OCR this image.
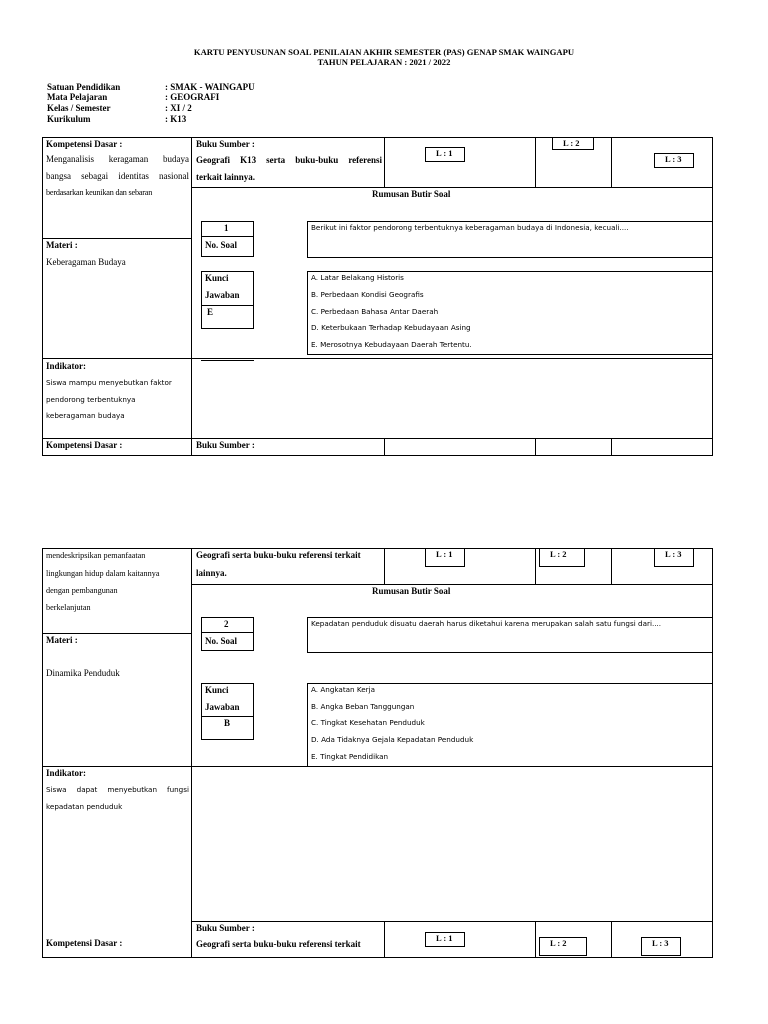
KARTU PENYUSUNAN SOAL PENILAIAN AKHIR SEMESTER (PAS) GENAP SMAK WAINGAPU
TAHUN PELAJARAN : 2021 / 2022
Satuan Pendidikan	: SMAK - WAINGAPU
Mata Pelajaran	: GEOGRAFI
Kelas / Semester	: XI / 2
Kurikulum	: K13
Kompetensi Dasar :
Menganalisis keragaman budaya
bangsa sebagai identitas nasional
berdasarkan keunikan dan sebaran
Buku Sumber :
Geografi K13 serta buku-buku referensi
terkait lainnya.
L : 1
L : 2
L : 3
Rumusan Butir Soal
1
No. Soal
Berikut ini faktor pendorong terbentuknya keberagaman budaya di Indonesia, kecuali....
Materi :
Keberagaman Budaya
Kunci
Jawaban
E
A. Latar Belakang Historis
B. Perbedaan Kondisi Geografis
C. Perbedaan Bahasa Antar Daerah
D. Keterbukaan Terhadap Kebudayaan Asing
E. Merosotnya Kebudayaan Daerah Tertentu.
Indikator:
Siswa mampu menyebutkan faktor
pendorong terbentuknya
keberagaman budaya
Kompetensi Dasar :	Buku Sumber :
mendeskripsikan pemanfaatan
lingkungan hidup dalam kaitannya
dengan pembangunan
berkelanjutan
Geografi serta buku-buku referensi terkait
lainnya.
L : 1	L : 2	L : 3
Rumusan Butir Soal
2
No. Soal
Kepadatan penduduk disuatu daerah harus diketahui karena merupakan salah satu fungsi dari....
Materi :
Dinamika Penduduk
Kunci
Jawaban
B
A. Angkatan Kerja
B. Angka Beban Tanggungan
C. Tingkat Kesehatan Penduduk
D. Ada Tidaknya Gejala Kepadatan Penduduk
E. Tingkat Pendidikan
Indikator:
Siswa dapat menyebutkan fungsi
kepadatan penduduk
Kompetensi Dasar :
Buku Sumber :
Geografi serta buku-buku referensi terkait
L : 1	L : 2	L : 3
